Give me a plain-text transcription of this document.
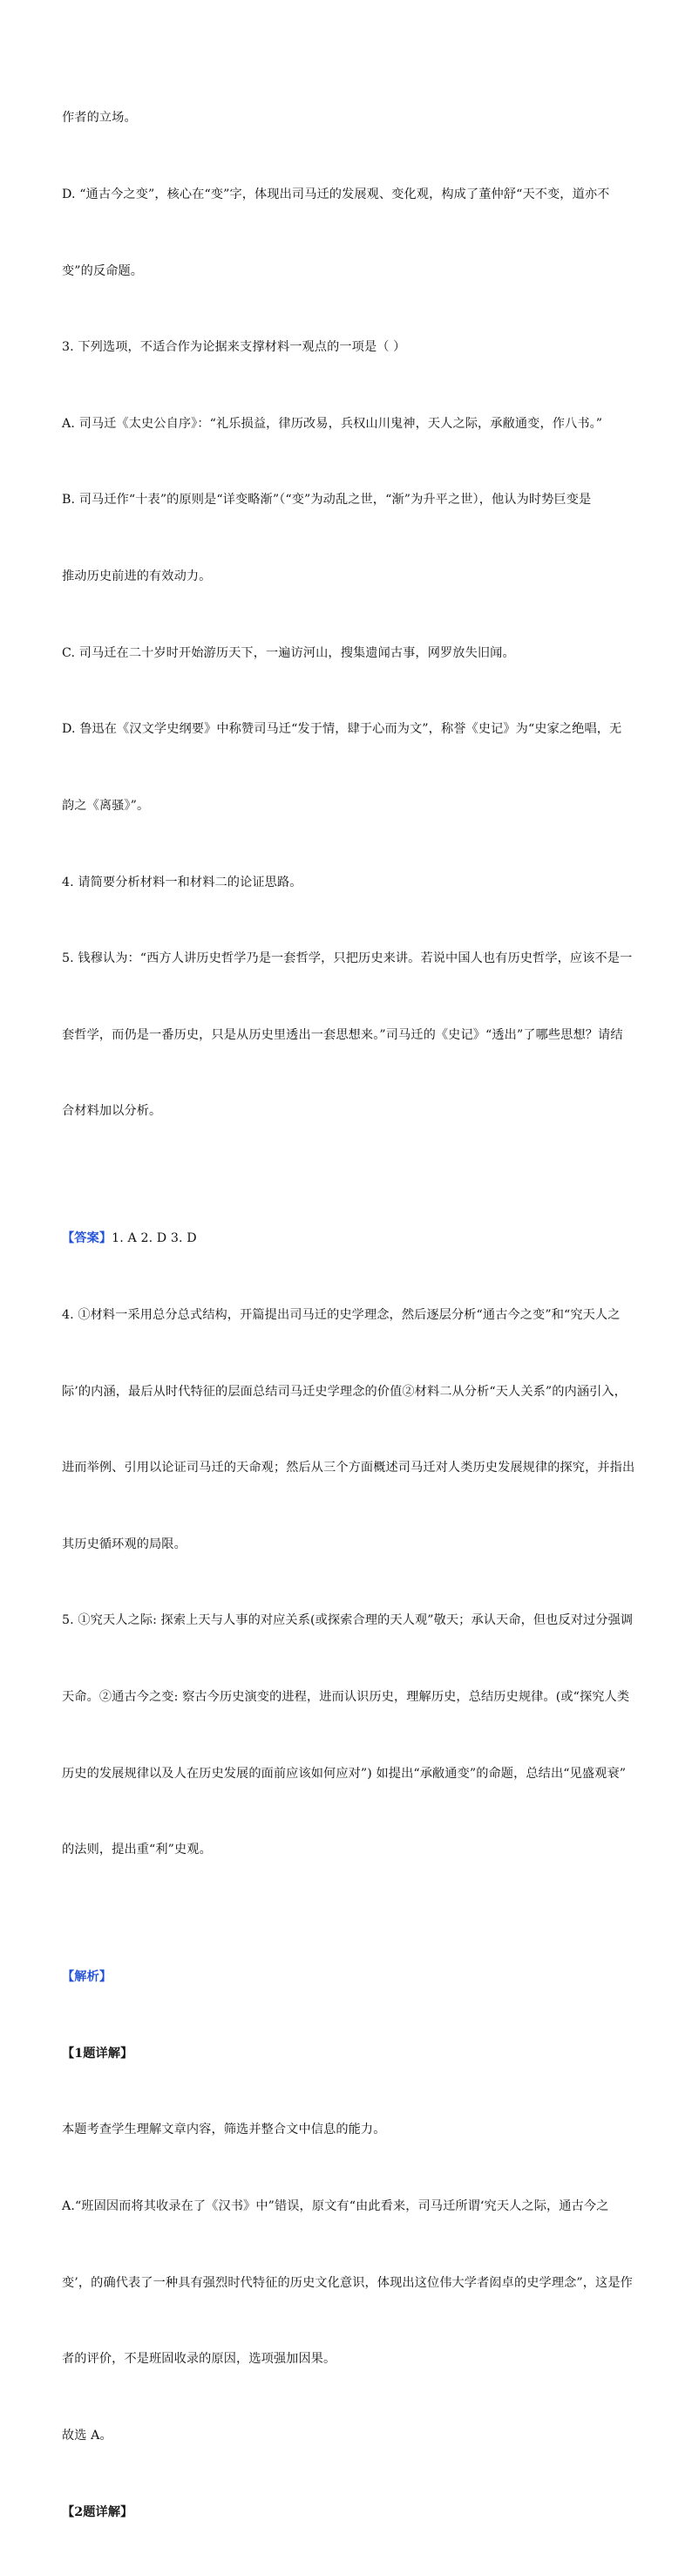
作者的立场。

D. “通古今之变”，核心在“变”字，体现出司马迁的发展观、变化观，构成了董仲舒“天不变，道亦不

变”的反命题。

3. 下列选项，不适合作为论据来支撑材料一观点的一项是（ ）

A. 司马迁《太史公自序》：“礼乐损益，律历改易，兵权山川鬼神，天人之际，承敝通变，作八书。”

B. 司马迁作“十表”的原则是“详变略渐”（“变”为动乱之世，“渐”为升平之世），他认为时势巨变是

推动历史前进的有效动力。

C. 司马迁在二十岁时开始游历天下，一遍访河山，搜集遗闻古事，网罗放失旧闻。

D. 鲁迅在《汉文学史纲要》中称赞司马迁“发于情，肆于心而为文”，称誉《史记》为“史家之绝唱，无

韵之《离骚》”。

4. 请简要分析材料一和材料二的论证思路。

5. 钱穆认为：“西方人讲历史哲学乃是一套哲学，只把历史来讲。若说中国人也有历史哲学，应该不是一

套哲学，而仍是一番历史，只是从历史里透出一套思想来。”司马迁的《史记》“透出”了哪些思想？请结

合材料加以分析。

【答案】1. A 2. D 3. D

4. ①材料一采用总分总式结构，开篇提出司马迁的史学理念，然后逐层分析“通古今之变”和“究天人之

际’的内涵，最后从时代特征的层面总结司马迁史学理念的价值②材料二从分析“天人关系”的内涵引入，

进而举例、引用以论证司马迁的天命观；然后从三个方面概述司马迁对人类历史发展规律的探究，并指出

其历史循环观的局限。

5. ①究天人之际: 探索上天与人事的对应关系(或探索合理的天人观”敬天；承认天命，但也反对过分强调

天命。②通古今之变: 察古今历史演变的进程，进而认识历史，理解历史，总结历史规律。(或“探究人类

历史的发展规律以及人在历史发展的面前应该如何应对”) 如提出“承敝通变”的命题，总结出“见盛观衰”

的法则，提出重“利”史观。

【解析】

【1题详解】

本题考查学生理解文章内容，筛选并整合文中信息的能力。

A.“班固因而将其收录在了《汉书》中”错误，原文有“由此看来，司马迁所谓‘究天人之际，通古今之

变’，的确代表了一种具有强烈时代特征的历史文化意识，体现出这位伟大学者闳卓的史学理念”，这是作

者的评价，不是班固收录的原因，选项强加因果。

故选 A。

【2题详解】
